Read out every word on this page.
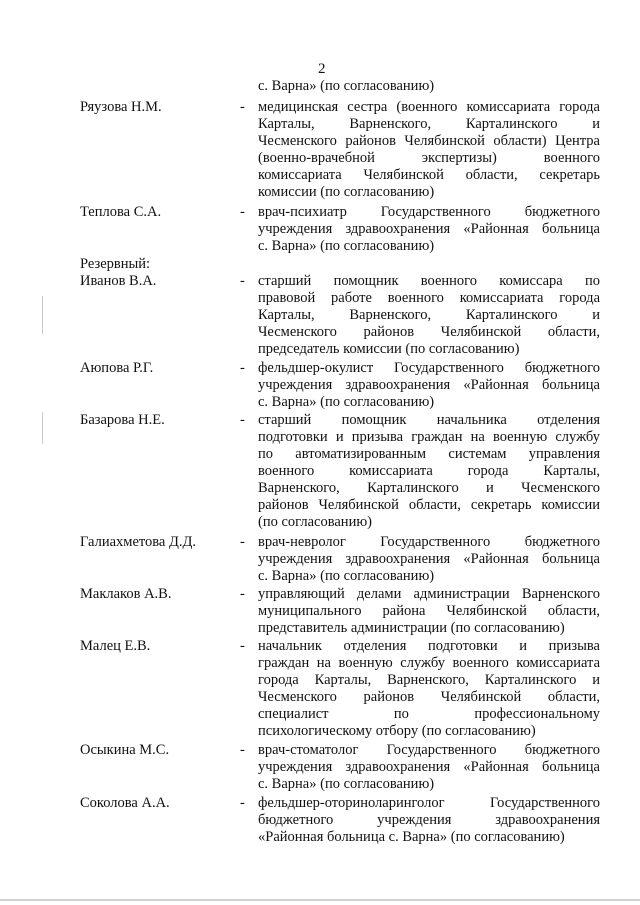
2
с. Варна» (по согласованию)
Ряузова Н.М.	- медицинская сестра (военного комиссариата города
Карталы, Варненского, Карталинского и
Чесменского районов Челябинской области) Центра
(военно-врачебной экспертизы) военного
комиссариата Челябинской области, секретарь
комиссии (по согласованию)
Теплова С.А.	- врач-психиатр Государственного бюджетного
учреждения здравоохранения «Районная больница
с. Варна» (по согласованию)
Резервный:
Иванов В.А.	- старший помощник военного комиссара по
правовой работе военного комиссариата города
Карталы, Варненского, Карталинского и
Чесменского районов Челябинской области,
председатель комиссии (по согласованию)
Аюпова Р.Г.	- фельдшер-окулист Государственного бюджетного
учреждения здравоохранения «Районная больница
с. Варна» (по согласованию)
Базарова Н.Е.	- старший помощник начальника отделения
подготовки и призыва граждан на военную службу
по автоматизированным системам управления
военного комиссариата города Карталы,
Варненского, Карталинского и Чесменского
районов Челябинской области, секретарь комиссии
(по согласованию)
Галиахметова Д.Д.	- врач-невролог Государственного бюджетного
учреждения здравоохранения «Районная больница
с. Варна» (по согласованию)
Маклаков А.В.	- управляющий делами администрации Варненского
муниципального района Челябинской области,
представитель администрации (по согласованию)
Малец Е.В.	- начальник отделения подготовки и призыва
граждан на военную службу военного комиссариата
города Карталы, Варненского, Карталинского и
Чесменского районов Челябинской области,
специалист по профессиональному
психологическому отбору (по согласованию)
Осыкина М.С.	- врач-стоматолог Государственного бюджетного
учреждения здравоохранения «Районная больница
с. Варна» (по согласованию)
Соколова А.А.	- фельдшер-оториноларинголог Государственного
бюджетного учреждения здравоохранения
«Районная больница с. Варна» (по согласованию)
